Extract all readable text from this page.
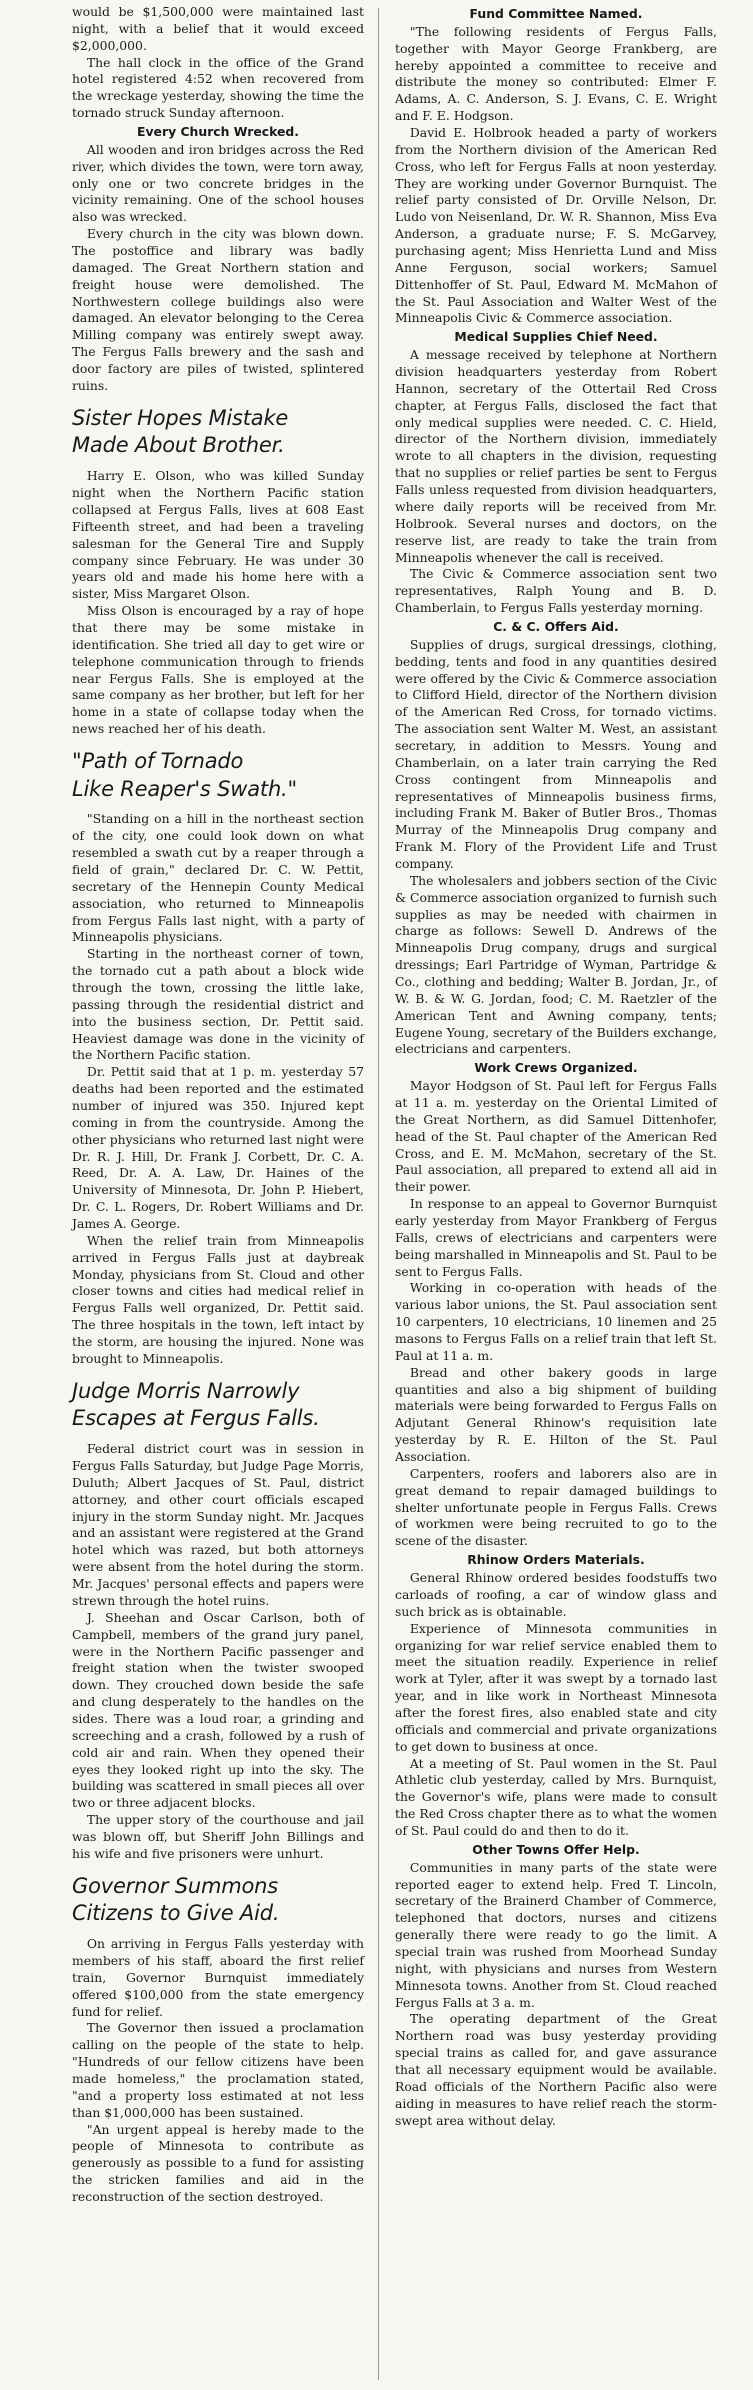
would be $1,500,000 were maintained last night, with a belief that it would exceed $2,000,000.

The hall clock in the office of the Grand hotel registered 4:52 when recovered from the wreckage yesterday, showing the time the tornado struck Sunday afternoon.

Every Church Wrecked.

All wooden and iron bridges across the Red river, which divides the town, were torn away, only one or two concrete bridges in the vicinity remaining. One of the school houses also was wrecked.

Every church in the city was blown down. The postoffice and library was badly damaged. The Great Northern station and freight house were demolished. The Northwestern college buildings also were damaged. An elevator belonging to the Cerea Milling company was entirely swept away. The Fergus Falls brewery and the sash and door factory are piles of twisted, splintered ruins.

Sister Hopes Mistake
Made About Brother.

Harry E. Olson, who was killed Sunday night when the Northern Pacific station collapsed at Fergus Falls, lives at 608 East Fifteenth street, and had been a traveling salesman for the General Tire and Supply company since February. He was under 30 years old and made his home here with a sister, Miss Margaret Olson.

Miss Olson is encouraged by a ray of hope that there may be some mistake in identification. She tried all day to get wire or telephone communication through to friends near Fergus Falls. She is employed at the same company as her brother, but left for her home in a state of collapse today when the news reached her of his death.

"Path of Tornado
Like Reaper's Swath."

"Standing on a hill in the northeast section of the city, one could look down on what resembled a swath cut by a reaper through a field of grain," declared Dr. C. W. Pettit, secretary of the Hennepin County Medical association, who returned to Minneapolis from Fergus Falls last night, with a party of Minneapolis physicians.

Starting in the northeast corner of town, the tornado cut a path about a block wide through the town, crossing the little lake, passing through the residential district and into the business section, Dr. Pettit said. Heaviest damage was done in the vicinity of the Northern Pacific station.

Dr. Pettit said that at 1 p. m. yesterday 57 deaths had been reported and the estimated number of injured was 350. Injured kept coming in from the countryside. Among the other physicians who returned last night were Dr. R. J. Hill, Dr. Frank J. Corbett, Dr. C. A. Reed, Dr. A. A. Law, Dr. Haines of the University of Minnesota, Dr. John P. Hiebert, Dr. C. L. Rogers, Dr. Robert Williams and Dr. James A. George.

When the relief train from Minneapolis arrived in Fergus Falls just at daybreak Monday, physicians from St. Cloud and other closer towns and cities had medical relief in Fergus Falls well organized, Dr. Pettit said. The three hospitals in the town, left intact by the storm, are housing the injured. None was brought to Minneapolis.

Judge Morris Narrowly
Escapes at Fergus Falls.

Federal district court was in session in Fergus Falls Saturday, but Judge Page Morris, Duluth; Albert Jacques of St. Paul, district attorney, and other court officials escaped injury in the storm Sunday night. Mr. Jacques and an assistant were registered at the Grand hotel which was razed, but both attorneys were absent from the hotel during the storm. Mr. Jacques' personal effects and papers were strewn through the hotel ruins.

J. Sheehan and Oscar Carlson, both of Campbell, members of the grand jury panel, were in the Northern Pacific passenger and freight station when the twister swooped down. They crouched down beside the safe and clung desperately to the handles on the sides. There was a loud roar, a grinding and screeching and a crash, followed by a rush of cold air and rain. When they opened their eyes they looked right up into the sky. The building was scattered in small pieces all over two or three adjacent blocks.

The upper story of the courthouse and jail was blown off, but Sheriff John Billings and his wife and five prisoners were unhurt.

Governor Summons
Citizens to Give Aid.

On arriving in Fergus Falls yesterday with members of his staff, aboard the first relief train, Governor Burnquist immediately offered $100,000 from the state emergency fund for relief.

The Governor then issued a proclamation calling on the people of the state to help. "Hundreds of our fellow citizens have been made homeless," the proclamation stated, "and a property loss estimated at not less than $1,000,000 has been sustained.

"An urgent appeal is hereby made to the people of Minnesota to contribute as generously as possible to a fund for assisting the stricken families and aid in the reconstruction of the section destroyed.

Fund Committee Named.

"The following residents of Fergus Falls, together with Mayor George Frankberg, are hereby appointed a committee to receive and distribute the money so contributed: Elmer F. Adams, A. C. Anderson, S. J. Evans, C. E. Wright and F. E. Hodgson.

David E. Holbrook headed a party of workers from the Northern division of the American Red Cross, who left for Fergus Falls at noon yesterday. They are working under Governor Burnquist. The relief party consisted of Dr. Orville Nelson, Dr. Ludo von Neisenland, Dr. W. R. Shannon, Miss Eva Anderson, a graduate nurse; F. S. McGarvey, purchasing agent; Miss Henrietta Lund and Miss Anne Ferguson, social workers; Samuel Dittenhoffer of St. Paul, Edward M. McMahon of the St. Paul Association and Walter West of the Minneapolis Civic & Commerce association.

Medical Supplies Chief Need.

A message received by telephone at Northern division headquarters yesterday from Robert Hannon, secretary of the Ottertail Red Cross chapter, at Fergus Falls, disclosed the fact that only medical supplies were needed. C. C. Hield, director of the Northern division, immediately wrote to all chapters in the division, requesting that no supplies or relief parties be sent to Fergus Falls unless requested from division headquarters, where daily reports will be received from Mr. Holbrook. Several nurses and doctors, on the reserve list, are ready to take the train from Minneapolis whenever the call is received.

The Civic & Commerce association sent two representatives, Ralph Young and B. D. Chamberlain, to Fergus Falls yesterday morning.

C. & C. Offers Aid.

Supplies of drugs, surgical dressings, clothing, bedding, tents and food in any quantities desired were offered by the Civic & Commerce association to Clifford Hield, director of the Northern division of the American Red Cross, for tornado victims. The association sent Walter M. West, an assistant secretary, in addition to Messrs. Young and Chamberlain, on a later train carrying the Red Cross contingent from Minneapolis and representatives of Minneapolis business firms, including Frank M. Baker of Butler Bros., Thomas Murray of the Minneapolis Drug company and Frank M. Flory of the Provident Life and Trust company.

The wholesalers and jobbers section of the Civic & Commerce association organized to furnish such supplies as may be needed with chairmen in charge as follows: Sewell D. Andrews of the Minneapolis Drug company, drugs and surgical dressings; Earl Partridge of Wyman, Partridge & Co., clothing and bedding; Walter B. Jordan, Jr., of W. B. & W. G. Jordan, food; C. M. Raetzler of the American Tent and Awning company, tents; Eugene Young, secretary of the Builders exchange, electricians and carpenters.

Work Crews Organized.

Mayor Hodgson of St. Paul left for Fergus Falls at 11 a. m. yesterday on the Oriental Limited of the Great Northern, as did Samuel Dittenhofer, head of the St. Paul chapter of the American Red Cross, and E. M. McMahon, secretary of the St. Paul association, all prepared to extend all aid in their power.

In response to an appeal to Governor Burnquist early yesterday from Mayor Frankberg of Fergus Falls, crews of electricians and carpenters were being marshalled in Minneapolis and St. Paul to be sent to Fergus Falls.

Working in co-operation with heads of the various labor unions, the St. Paul association sent 10 carpenters, 10 electricians, 10 linemen and 25 masons to Fergus Falls on a relief train that left St. Paul at 11 a. m.

Bread and other bakery goods in large quantities and also a big shipment of building materials were being forwarded to Fergus Falls on Adjutant General Rhinow's requisition late yesterday by R. E. Hilton of the St. Paul Association.

Carpenters, roofers and laborers also are in great demand to repair damaged buildings to shelter unfortunate people in Fergus Falls. Crews of workmen were being recruited to go to the scene of the disaster.

Rhinow Orders Materials.

General Rhinow ordered besides foodstuffs two carloads of roofing, a car of window glass and such brick as is obtainable.

Experience of Minnesota communities in organizing for war relief service enabled them to meet the situation readily. Experience in relief work at Tyler, after it was swept by a tornado last year, and in like work in Northeast Minnesota after the forest fires, also enabled state and city officials and commercial and private organizations to get down to business at once.

At a meeting of St. Paul women in the St. Paul Athletic club yesterday, called by Mrs. Burnquist, the Governor's wife, plans were made to consult the Red Cross chapter there as to what the women of St. Paul could do and then to do it.

Other Towns Offer Help.

Communities in many parts of the state were reported eager to extend help. Fred T. Lincoln, secretary of the Brainerd Chamber of Commerce, telephoned that doctors, nurses and citizens generally there were ready to go the limit. A special train was rushed from Moorhead Sunday night, with physicians and nurses from Western Minnesota towns. Another from St. Cloud reached Fergus Falls at 3 a. m.

The operating department of the Great Northern road was busy yesterday providing special trains as called for, and gave assurance that all necessary equipment would be available. Road officials of the Northern Pacific also were aiding in measures to have relief reach the storm-swept area without delay.
